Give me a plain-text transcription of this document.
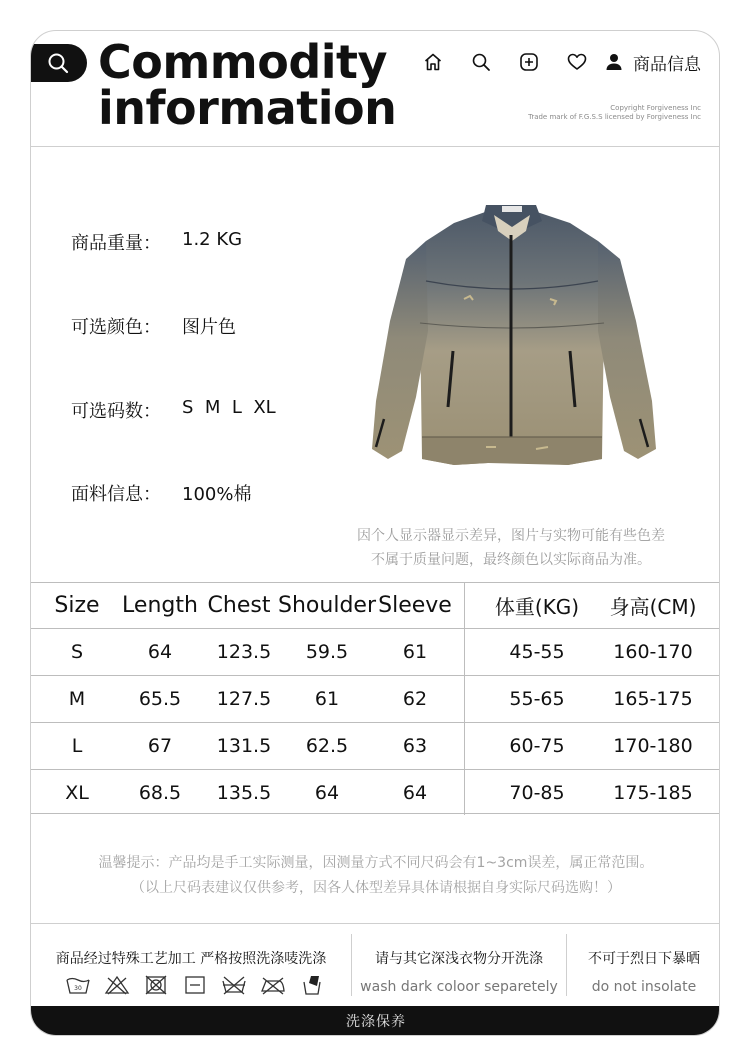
Commodity
information
商品信息
Copyright Forgiveness Inc
Trade mark of F.G.S.S licensed by Forgiveness Inc
商品重量：	1.2 KG
可选颜色：	图片色
可选码数：	S  M  L  XL
面料信息：	100%棉
因个人显示器显示差异，图片与实物可能有些色差
不属于质量问题，最终颜色以实际商品为准。
Size	Length Chest Shoulder Sleeve	体重(KG)	身高(CM)
S	64	123.5	59.5	61	45-55	160-170
M	65.5	127.5	61	62	55-65	165-175
L	67	131.5	62.5	63	60-75	170-180
XL	68.5	135.5	64	64	70-85	175-185

温馨提示：产品均是手工实际测量，因测量方式不同尺码会有1~3cm误差，属正常范围。

（以上尺码表建议仅供参考，因各人体型差异具体请根据自身实际尺码选购！）

商品经过特殊工艺加工 严格按照洗涤唛洗涤
30
请与其它深浅衣物分开洗涤
wash dark coloor separetely
不可于烈日下暴晒
do not insolate
洗涤保养
